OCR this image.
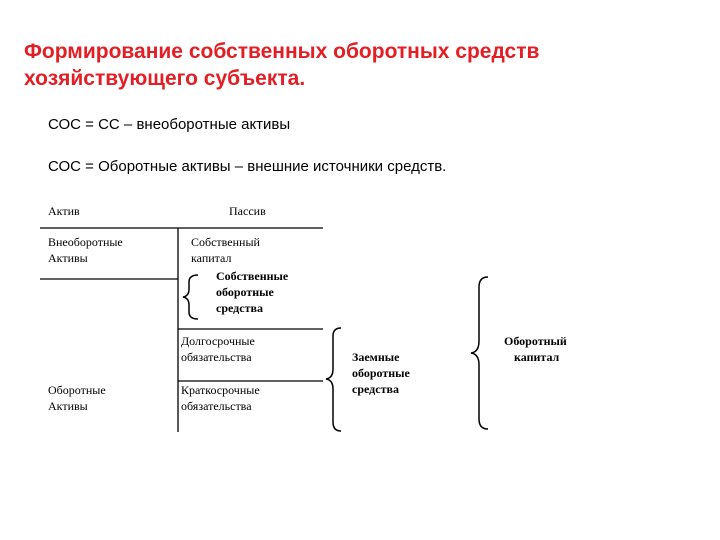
Формирование собственных оборотных средств хозяйствующего субъекта.
СОС = СС – внеоборотные активы
СОС = Оборотные активы – внешние источники средств.
Актив	Пассив
Внеоборотные
Активы
Собственный
капитал
Собственные
оборотные
средства
Долгосрочные
обязательства
Оборотные
Активы
Краткосрочные
обязательства
Заемные
оборотные
средства
Оборотный
капитал
